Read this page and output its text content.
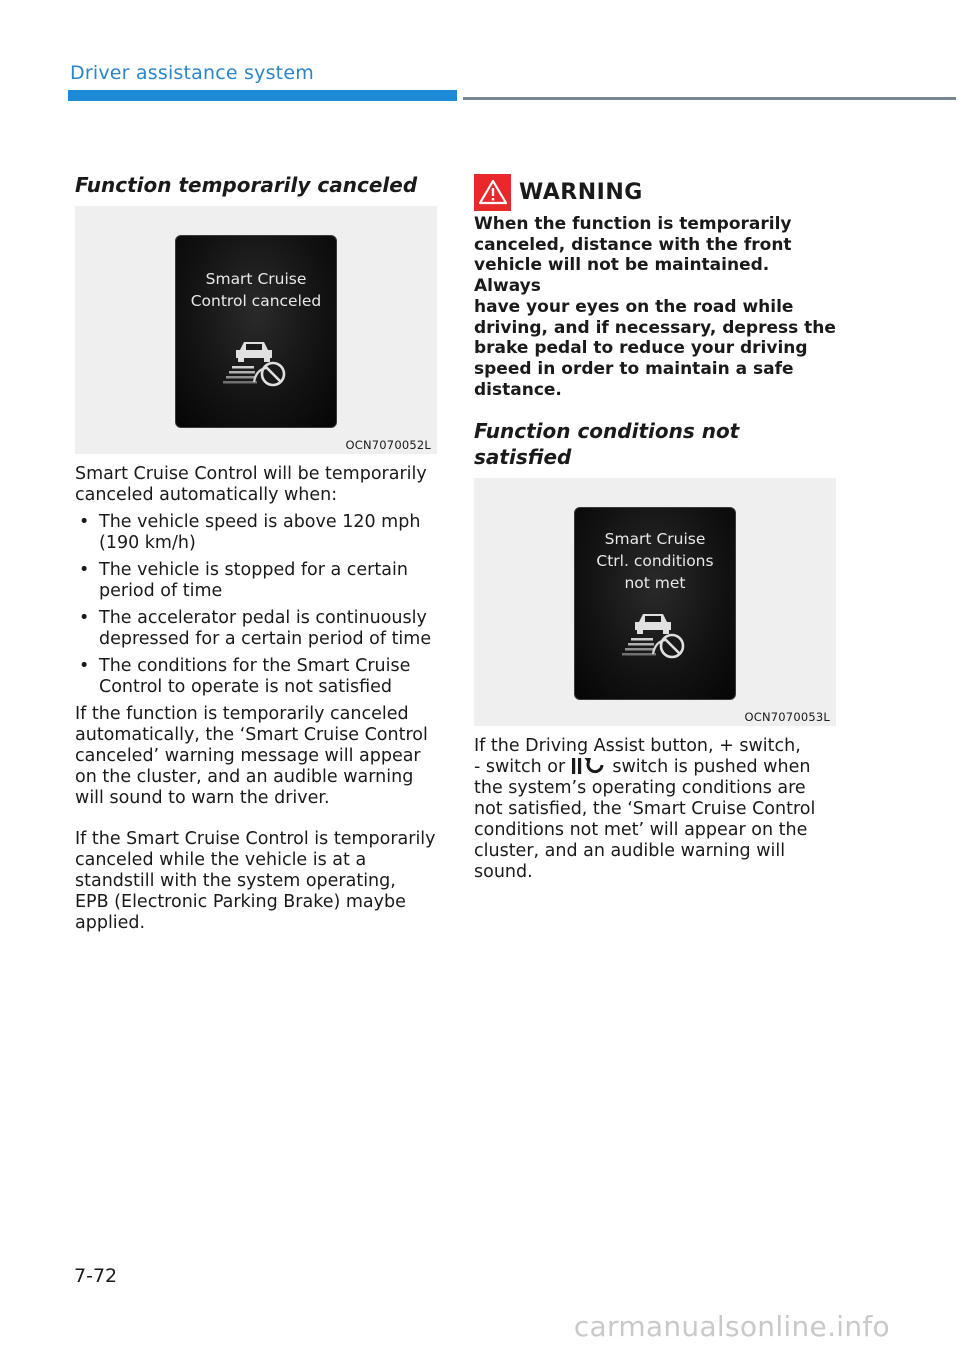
Driver assistance system
Function temporarily canceled
Smart Cruise
Control canceled
OCN7070052L

Smart Cruise Control will be temporarily canceled automatically when:

• The vehicle speed is above 120 mph
(190 km/h)
• The vehicle is stopped for a certain
period of time
• The accelerator pedal is continuously
depressed for a certain period of time
• The conditions for the Smart Cruise
Control to operate is not satisfied

If the function is temporarily canceled
automatically, the ‘Smart Cruise Control
canceled’ warning message will appear
on the cluster, and an audible warning
will sound to warn the driver.

If the Smart Cruise Control is temporarily
canceled while the vehicle is at a
standstill with the system operating,
EPB (Electronic Parking Brake) maybe
applied.

WARNING

When the function is temporarily
canceled, distance with the front
vehicle will not be maintained. Always
have your eyes on the road while
driving, and if necessary, depress the
brake pedal to reduce your driving
speed in order to maintain a safe
distance.

Function conditions not satisfied
Smart Cruise
Ctrl. conditions
not met
OCN7070053L

If the Driving Assist button, + switch,
- switch or  switch is pushed when
the system’s operating conditions are
not satisfied, the ‘Smart Cruise Control
conditions not met’ will appear on the
cluster, and an audible warning will
sound.

7-72
carmanualsonline.info
